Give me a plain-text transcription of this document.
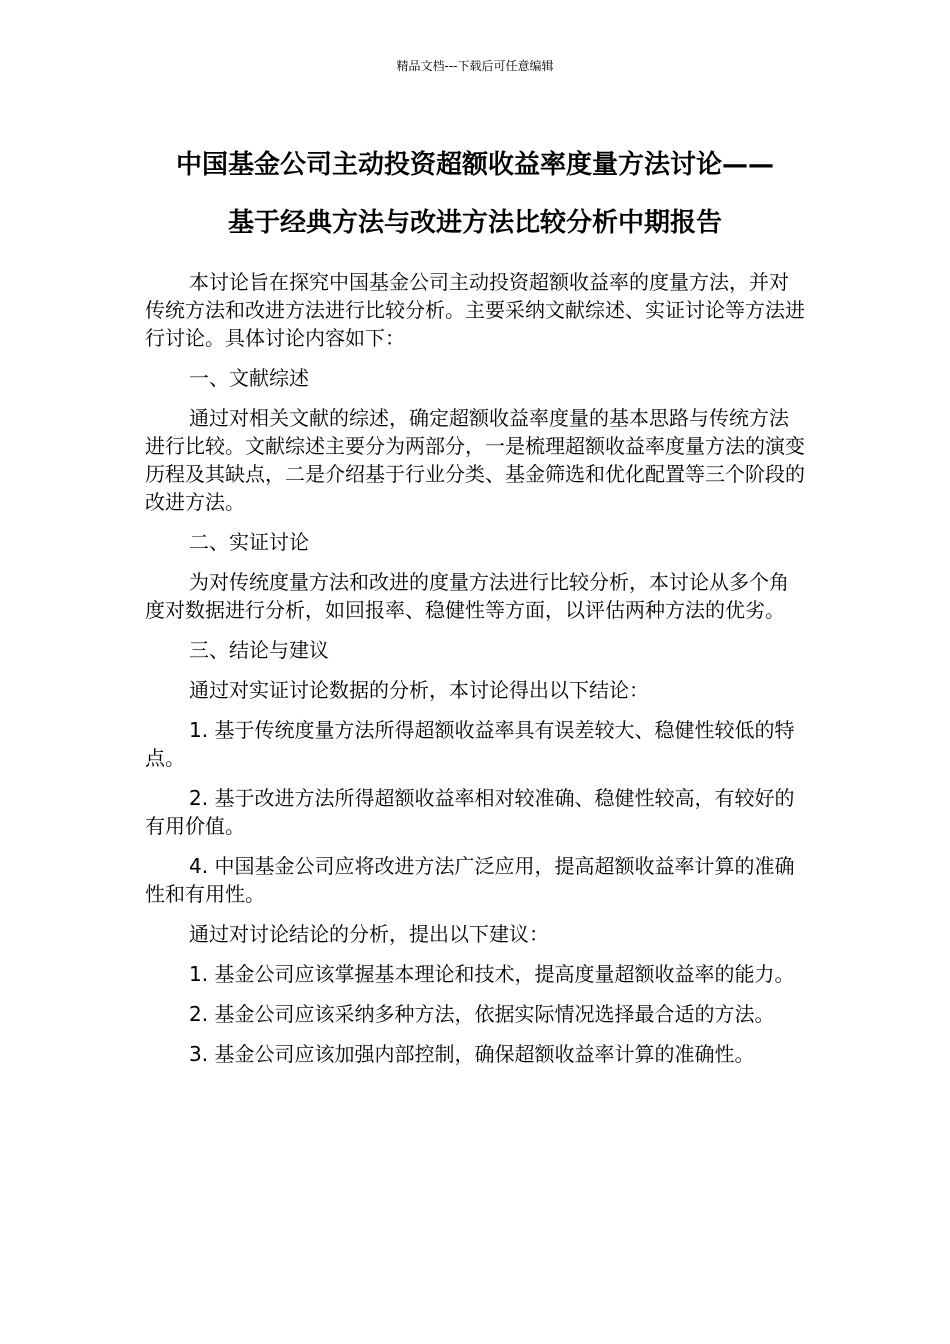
精品文档---下载后可任意编辑
中国基金公司主动投资超额收益率度量方法讨论——
基于经典方法与改进方法比较分析中期报告

本讨论旨在探究中国基金公司主动投资超额收益率的度量方法，并对传统方法和改进方法进行比较分析。主要采纳文献综述、实证讨论等方法进行讨论。具体讨论内容如下：

一、文献综述

通过对相关文献的综述，确定超额收益率度量的基本思路与传统方法进行比较。文献综述主要分为两部分，一是梳理超额收益率度量方法的演变历程及其缺点，二是介绍基于行业分类、基金筛选和优化配置等三个阶段的改进方法。

二、实证讨论

为对传统度量方法和改进的度量方法进行比较分析，本讨论从多个角度对数据进行分析，如回报率、稳健性等方面，以评估两种方法的优劣。

三、结论与建议

通过对实证讨论数据的分析，本讨论得出以下结论：

1. 基于传统度量方法所得超额收益率具有误差较大、稳健性较低的特点。

2. 基于改进方法所得超额收益率相对较准确、稳健性较高，有较好的有用价值。

4. 中国基金公司应将改进方法广泛应用，提高超额收益率计算的准确性和有用性。

通过对讨论结论的分析，提出以下建议：

1. 基金公司应该掌握基本理论和技术，提高度量超额收益率的能力。

2. 基金公司应该采纳多种方法，依据实际情况选择最合适的方法。

3. 基金公司应该加强内部控制，确保超额收益率计算的准确性。
